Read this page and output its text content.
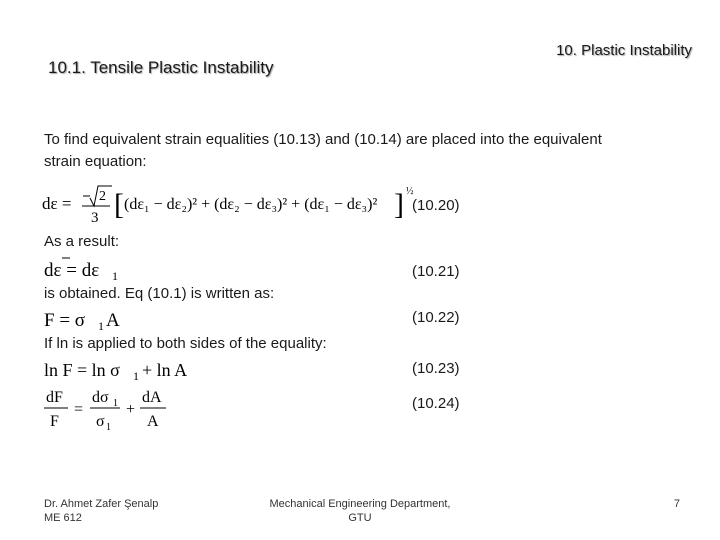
10. Plastic Instability
10.1. Tensile Plastic Instability
To find equivalent strain equalities (10.13) and (10.14) are placed into the equivalent
strain equation:
dε = 2
3 [ (dε₁ − dε₂)² + (dε₂ − dε₃)² + (dε₁ − dε₃)² ] ½
(10.20)
As a result:
dε = dε 1	(10.21)
is obtained. Eq (10.1) is written as:
F = σ 1 A	(10.22)
If ln is applied to both sides of the equality:
ln F = ln σ 1 + ln A	(10.23)
dF
F
=
dσ 1
σ 1
+
dA
A
(10.24)
Dr. Ahmet Zafer Şenalp
ME 612
Mechanical Engineering Department,
GTU
7
